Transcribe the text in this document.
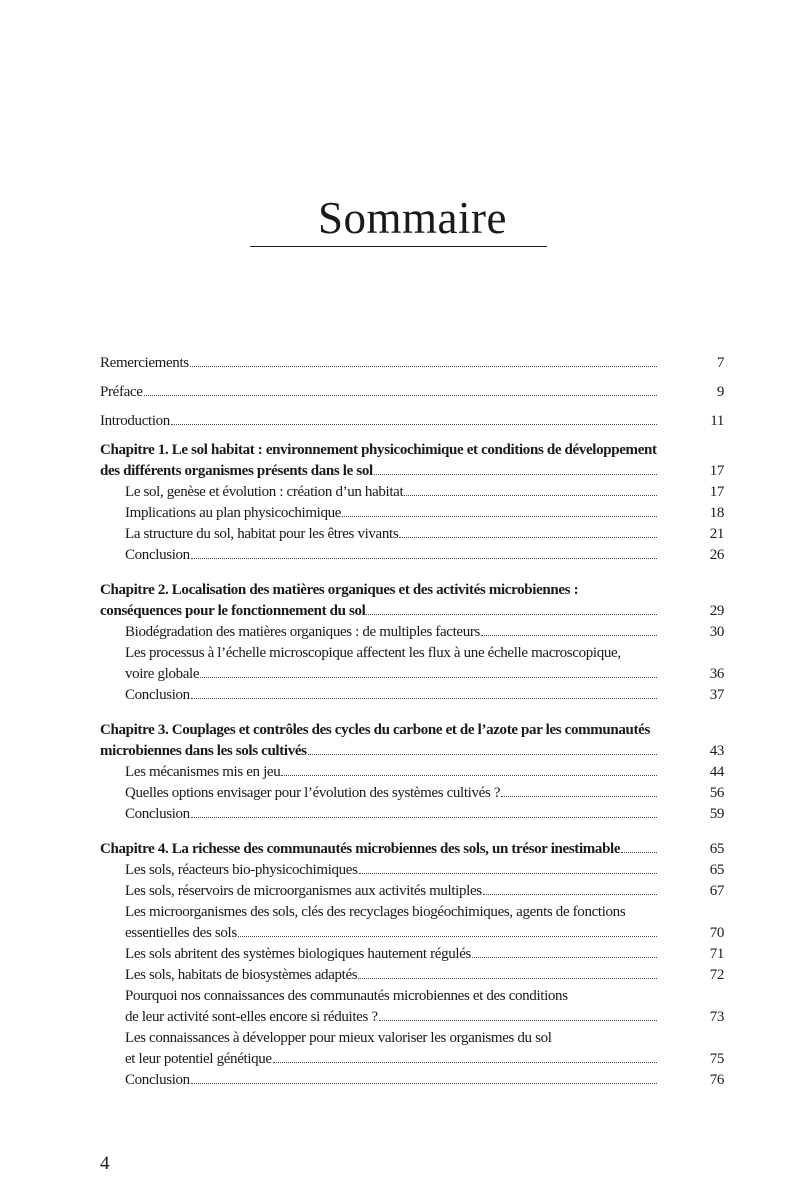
Sommaire
Remerciements	7
Préface	9
Introduction	11
Chapitre 1. Le sol habitat : environnement physicochimique et conditions de développement
des différents organismes présents dans le sol	17
Le sol, genèse et évolution : création d’un habitat	17
Implications au plan physicochimique	18
La structure du sol, habitat pour les êtres vivants	21
Conclusion	26
Chapitre 2. Localisation des matières organiques et des activités microbiennes :
conséquences pour le fonctionnement du sol	29
Biodégradation des matières organiques : de multiples facteurs	30
Les processus à l’échelle microscopique affectent les flux à une échelle macroscopique,
voire globale	36
Conclusion	37
Chapitre 3. Couplages et contrôles des cycles du carbone et de l’azote par les communautés
microbiennes dans les sols cultivés	43
Les mécanismes mis en jeu	44
Quelles options envisager pour l’évolution des systèmes cultivés ?	56
Conclusion	59
Chapitre 4. La richesse des communautés microbiennes des sols, un trésor inestimable	65
Les sols, réacteurs bio-physicochimiques	65
Les sols, réservoirs de microorganismes aux activités multiples	67
Les microorganismes des sols, clés des recyclages biogéochimiques, agents de fonctions
essentielles des sols	70
Les sols abritent des systèmes biologiques hautement régulés	71
Les sols, habitats de biosystèmes adaptés	72
Pourquoi nos connaissances des communautés microbiennes et des conditions
de leur activité sont-elles encore si réduites ?	73
Les connaissances à développer pour mieux valoriser les organismes du sol
et leur potentiel génétique	75
Conclusion	76
4
